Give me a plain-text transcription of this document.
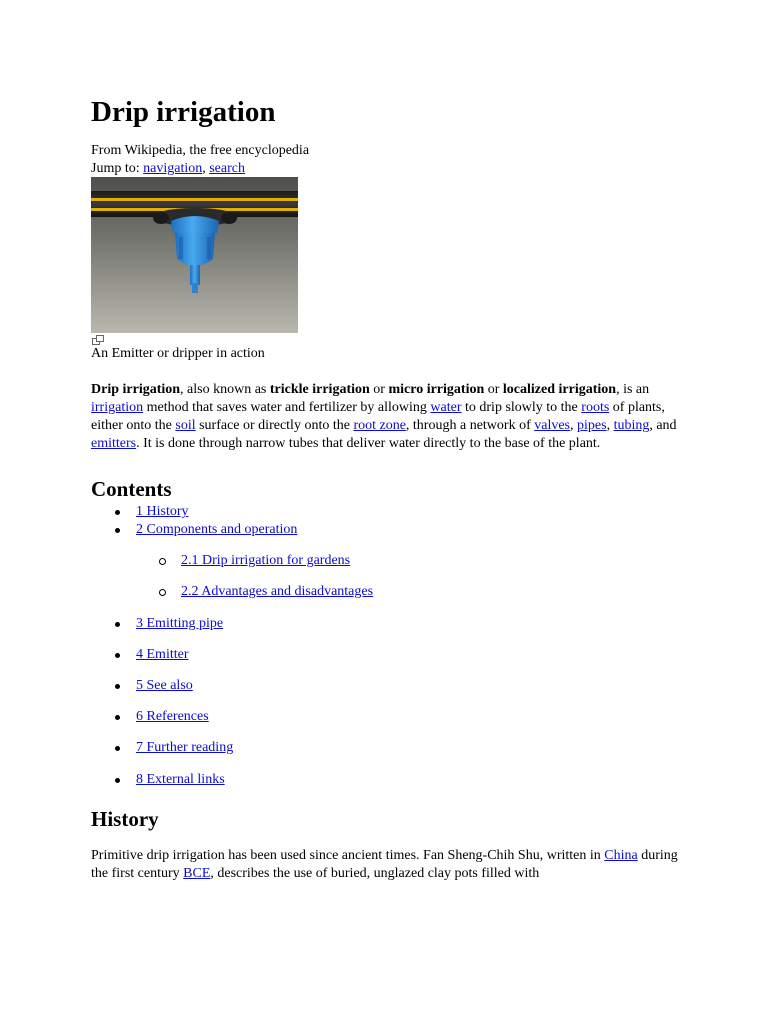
Drip irrigation
From Wikipedia, the free encyclopedia
Jump to: navigation, search
An Emitter or dripper in action
Drip irrigation, also known as trickle irrigation or micro irrigation or localized irrigation, is an irrigation method that saves water and fertilizer by allowing water to drip slowly to the roots of plants, either onto the soil surface or directly onto the root zone, through a network of valves, pipes, tubing, and emitters. It is done through narrow tubes that deliver water directly to the base of the plant.
Contents
1 History
2 Components and operation
2.1 Drip irrigation for gardens
2.2 Advantages and disadvantages
3 Emitting pipe
4 Emitter
5 See also
6 References
7 Further reading
8 External links
History
Primitive drip irrigation has been used since ancient times. Fan Sheng-Chih Shu, written in China during the first century BCE, describes the use of buried, unglazed clay pots filled with
